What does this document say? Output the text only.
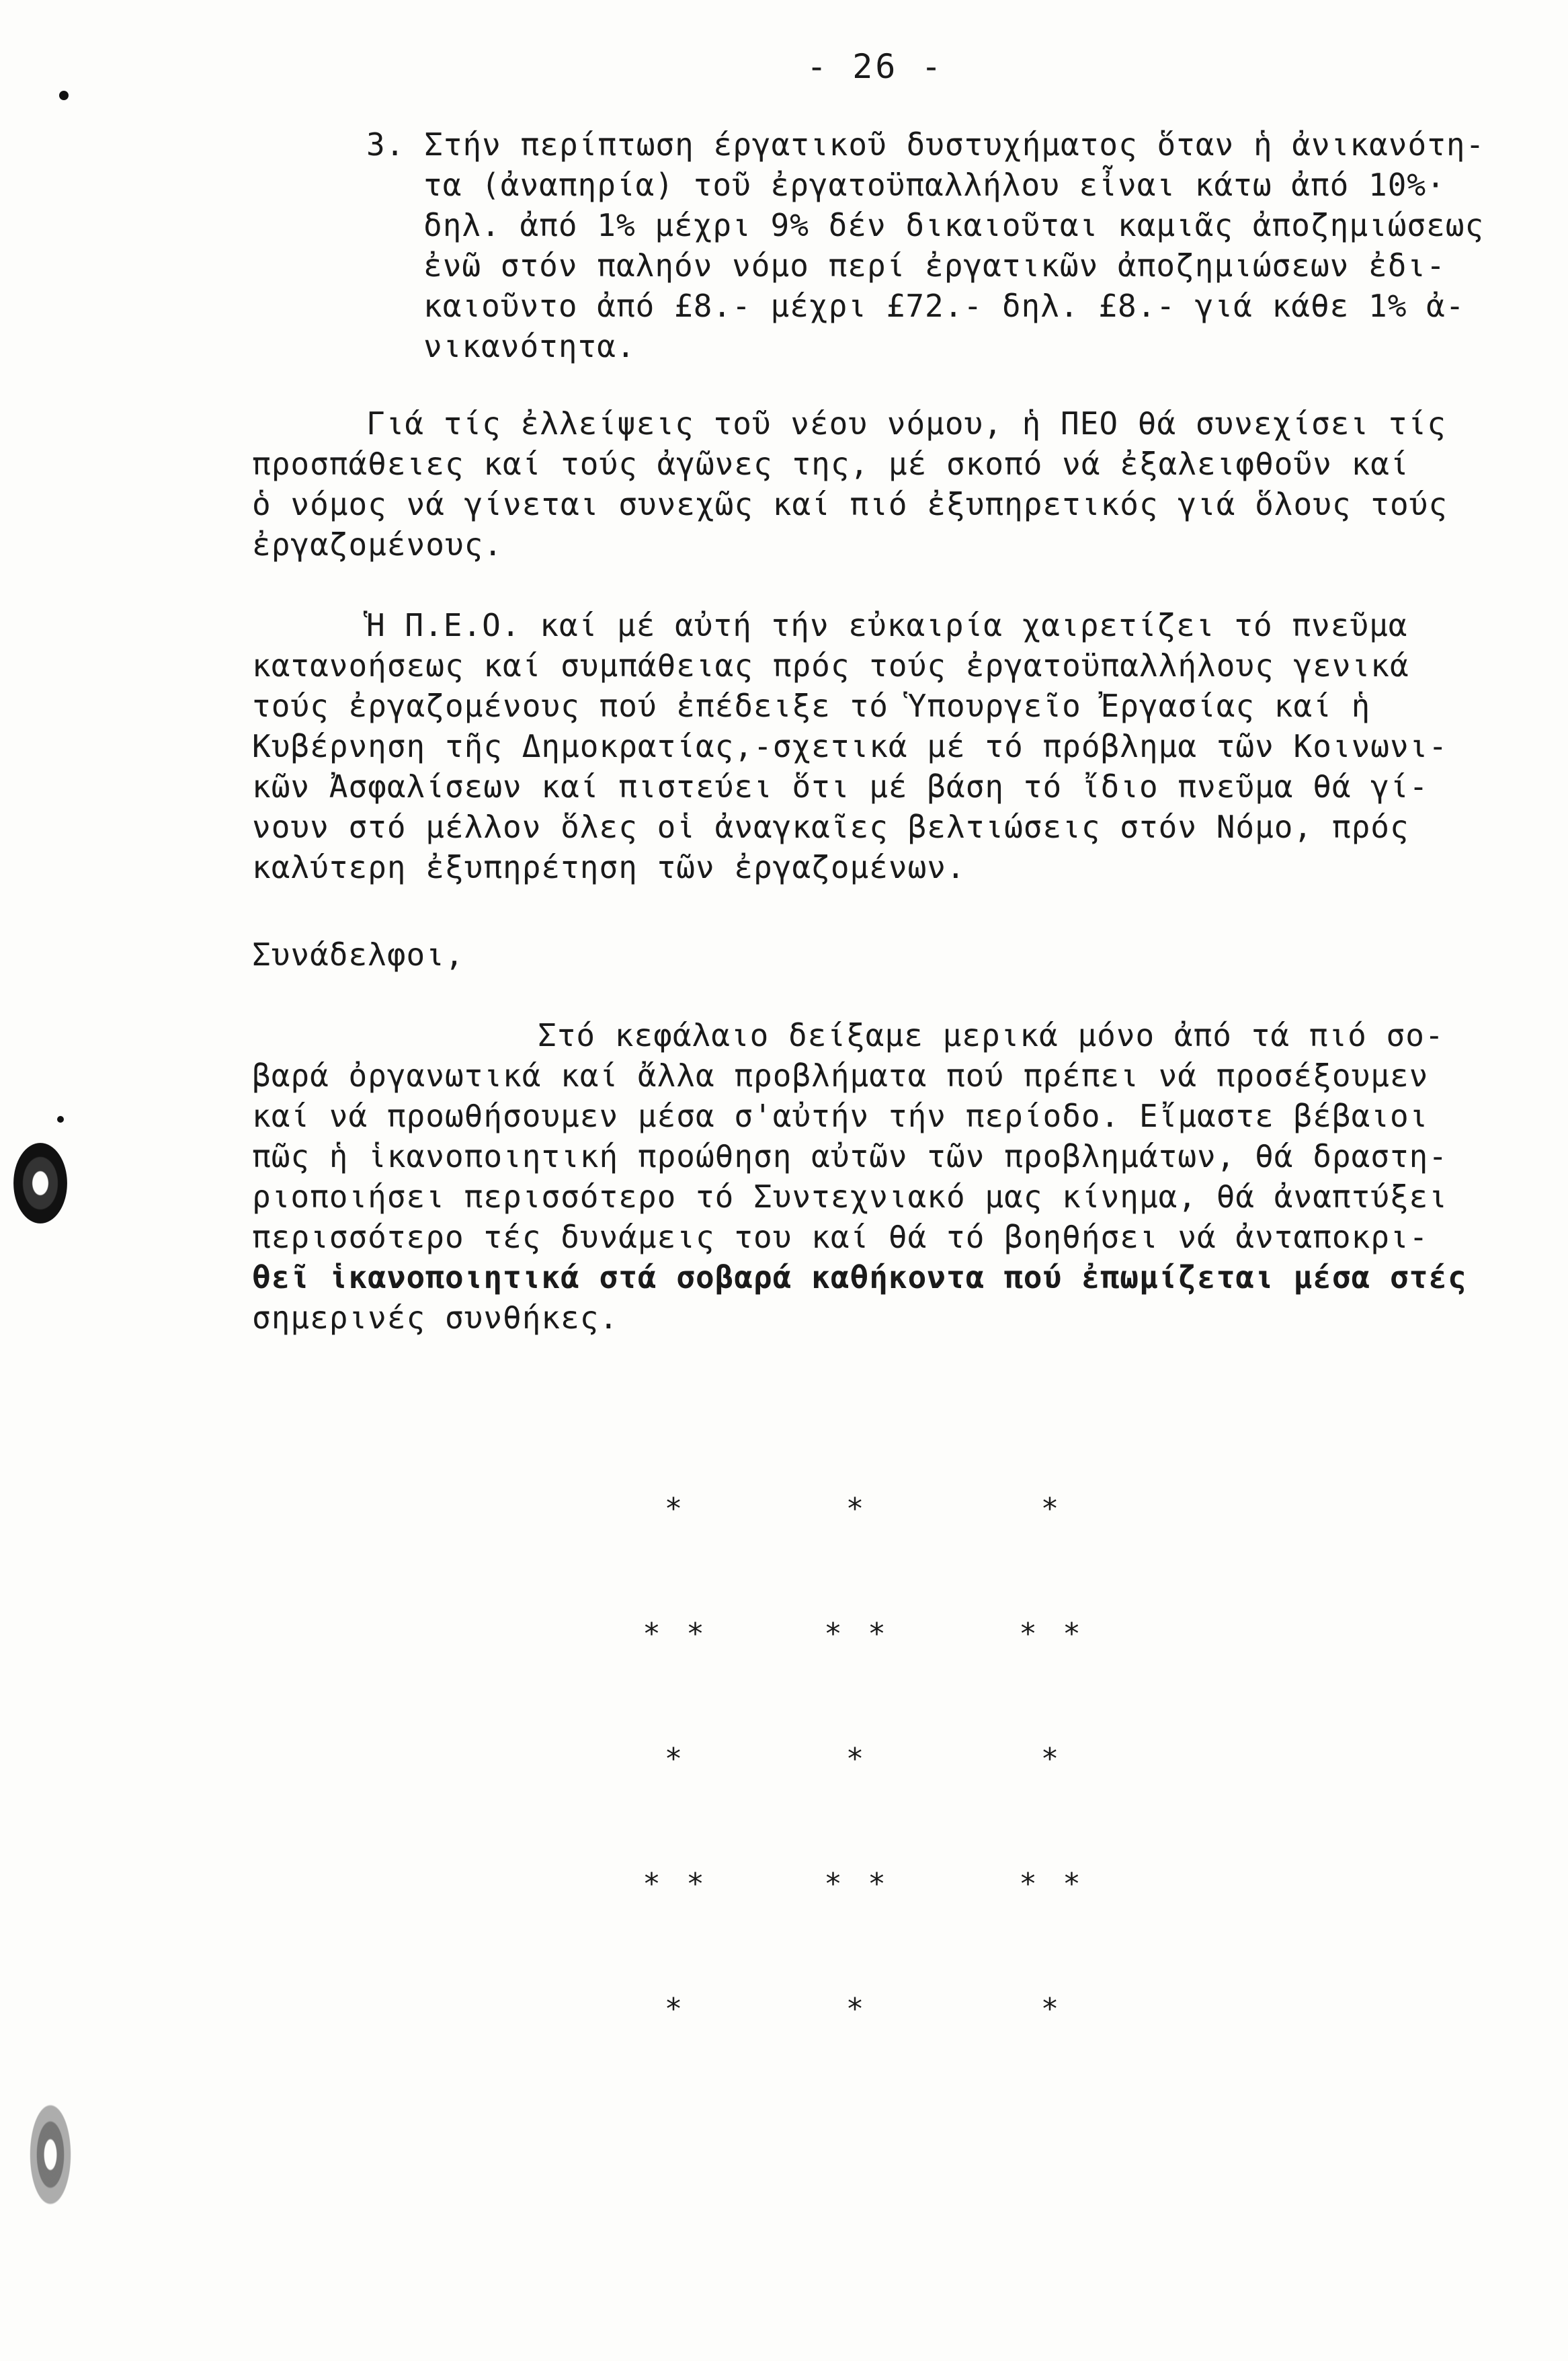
- 26 -
3. Στήν περίπτωση έργατικοῦ δυστυχήματος ὅταν ἡ ἀνικανότη-
τα (ἀναπηρία) τοῦ ἐργατοϋπαλλήλου εἶναι κάτω ἀπό 10%·
δηλ. ἀπό 1% μέχρι 9% δέν δικαιοῦται καμιᾶς ἀποζημιώσεως
ἐνῶ στόν παληόν νόμο περί ἐργατικῶν ἀποζημιώσεων ἐδι-
καιοῦντο ἀπό £8.- μέχρι £72.- δηλ. £8.- γιά κάθε 1% ἀ-
νικανότητα.
Γιά τίς ἐλλείψεις τοῦ νέου νόμου, ἡ ΠΕΟ θά συνεχίσει τίς
προσπάθειες καί τούς ἀγῶνες της, μέ σκοπό νά ἐξαλειφθοῦν καί
ὁ νόμος νά γίνεται συνεχῶς καί πιό ἐξυπηρετικός γιά ὅλους τούς
ἐργαζομένους.
Ἡ Π.Ε.Ο. καί μέ αὐτή τήν εὐκαιρία χαιρετίζει τό πνεῦμα
κατανοήσεως καί συμπάθειας πρός τούς ἐργατοϋπαλλήλους γενικά
τούς ἐργαζομένους πού ἐπέδειξε τό Ὑπουργεῖο Ἐργασίας καί ἡ
Κυβέρνηση τῆς Δημοκρατίας,-σχετικά μέ τό πρόβλημα τῶν Κοινωνι-
κῶν Ἀσφαλίσεων καί πιστεύει ὅτι μέ βάση τό ἴδιο πνεῦμα θά γί-
νουν στό μέλλον ὅλες οἱ ἀναγκαῖες βελτιώσεις στόν Νόμο, πρός
καλύτερη ἐξυπηρέτηση τῶν ἐργαζομένων.
Συνάδελφοι,
Στό κεφάλαιο δείξαμε μερικά μόνο ἀπό τά πιό σο-
βαρά ὀργανωτικά καί ἄλλα προβλήματα πού πρέπει νά προσέξουμεν
καί νά προωθήσουμεν μέσα σ'αὐτήν τήν περίοδο. Εἴμαστε βέβαιοι
πῶς ἡ ἱκανοποιητική προώθηση αὐτῶν τῶν προβλημάτων, θά δραστη-
ριοποιήσει περισσότερο τό Συντεχνιακό μας κίνημα, θά ἀναπτύξει
περισσότερο τές δυνάμεις του καί θά τό βοηθήσει νά ἀνταποκρι-
θεῖ ἱκανοποιητικά στά σοβαρά καθήκοντα πού ἐπωμίζεται μέσα στές
σημερινές συνθήκες.

*

* *

*

* *

*

*

* *

*

* *

*

*

* *

*

* *

*
